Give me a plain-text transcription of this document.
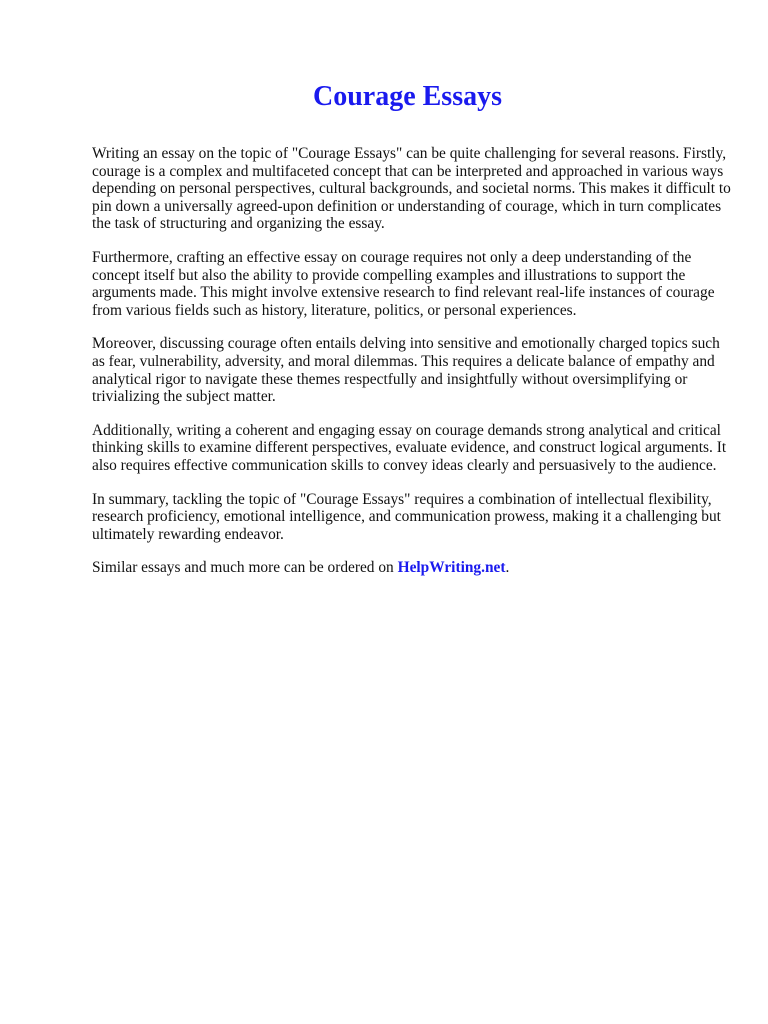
Courage Essays

Writing an essay on the topic of "Courage Essays" can be quite challenging for several reasons. Firstly, courage is a complex and multifaceted concept that can be interpreted and approached in various ways depending on personal perspectives, cultural backgrounds, and societal norms. This makes it difficult to pin down a universally agreed-upon definition or understanding of courage, which in turn complicates the task of structuring and organizing the essay.

Furthermore, crafting an effective essay on courage requires not only a deep understanding of the concept itself but also the ability to provide compelling examples and illustrations to support the arguments made. This might involve extensive research to find relevant real-life instances of courage from various fields such as history, literature, politics, or personal experiences.

Moreover, discussing courage often entails delving into sensitive and emotionally charged topics such as fear, vulnerability, adversity, and moral dilemmas. This requires a delicate balance of empathy and analytical rigor to navigate these themes respectfully and insightfully without oversimplifying or trivializing the subject matter.

Additionally, writing a coherent and engaging essay on courage demands strong analytical and critical thinking skills to examine different perspectives, evaluate evidence, and construct logical arguments. It also requires effective communication skills to convey ideas clearly and persuasively to the audience.

In summary, tackling the topic of "Courage Essays" requires a combination of intellectual flexibility, research proficiency, emotional intelligence, and communication prowess, making it a challenging but ultimately rewarding endeavor.

Similar essays and much more can be ordered on HelpWriting.net.
